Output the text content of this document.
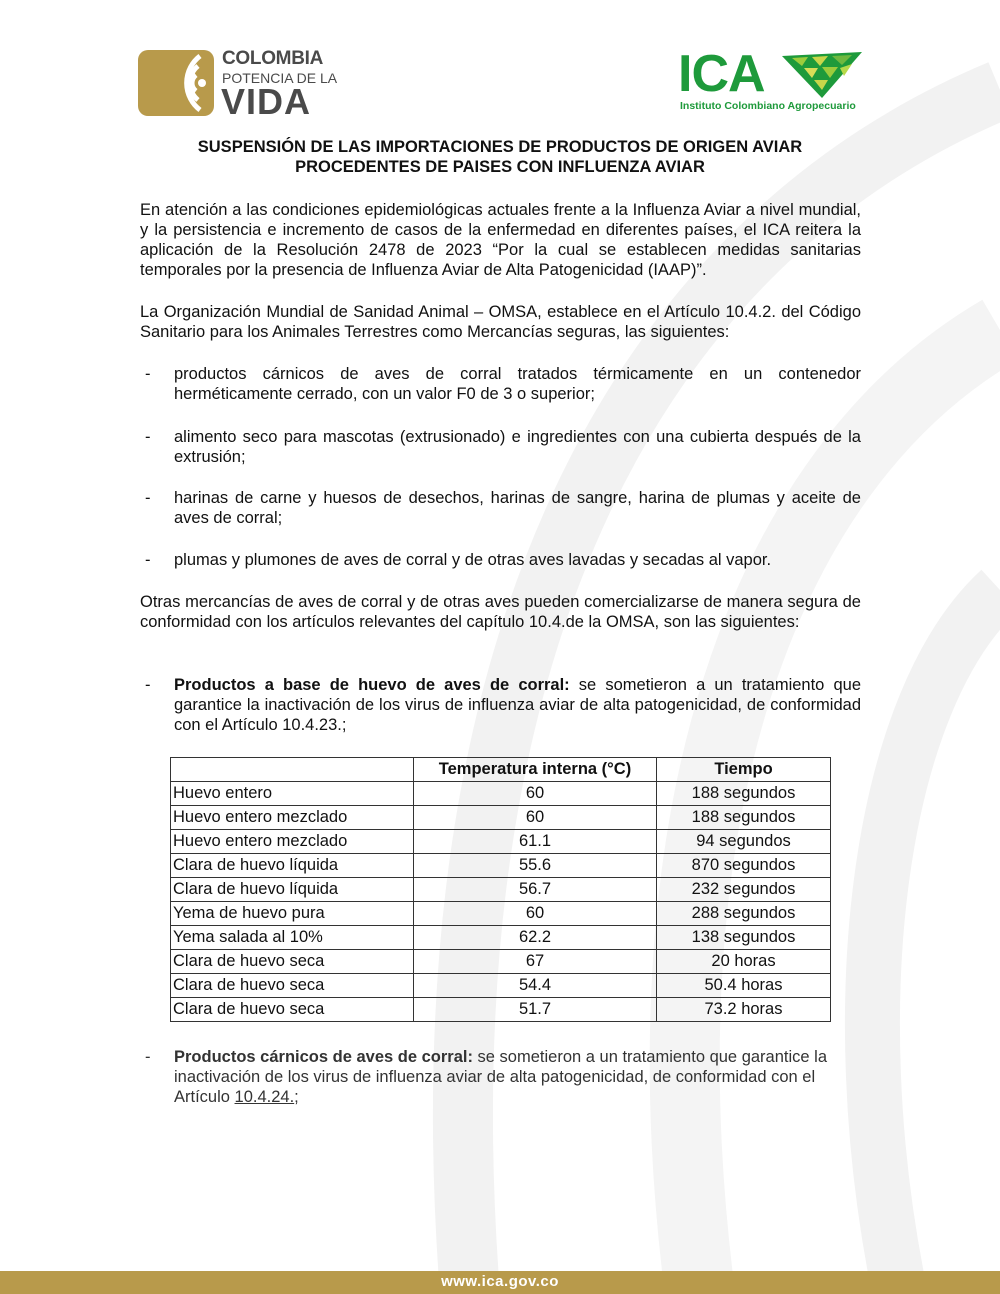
COLOMBIA
POTENCIA DE LA
VIDA	ICA
Instituto Colombiano Agropecuario
SUSPENSIÓN DE LAS IMPORTACIONES DE PRODUCTOS DE ORIGEN AVIAR
PROCEDENTES DE PAISES CON INFLUENZA AVIAR
En atención a las condiciones epidemiológicas actuales frente a la Influenza Aviar a nivel mundial, y la persistencia e incremento de casos de la enfermedad en diferentes países, el ICA reitera la aplicación de la Resolución 2478 de 2023 “Por la cual se establecen medidas sanitarias temporales por la presencia de Influenza Aviar de Alta Patogenicidad (IAAP)”.
La Organización Mundial de Sanidad Animal – OMSA, establece en el Artículo 10.4.2. del Código Sanitario para los Animales Terrestres como Mercancías seguras, las siguientes:
- productos cárnicos de aves de corral tratados térmicamente en un contenedor herméticamente cerrado, con un valor F0 de 3 o superior;
- alimento seco para mascotas (extrusionado) e ingredientes con una cubierta después de la extrusión;
- harinas de carne y huesos de desechos, harinas de sangre, harina de plumas y aceite de aves de corral;
- plumas y plumones de aves de corral y de otras aves lavadas y secadas al vapor.
Otras mercancías de aves de corral y de otras aves pueden comercializarse de manera segura de conformidad con los artículos relevantes del capítulo 10.4.de la OMSA, son las siguientes:
- Productos a base de huevo de aves de corral: se sometieron a un tratamiento que garantice la inactivación de los virus de influenza aviar de alta patogenicidad, de conformidad con el Artículo 10.4.23.;
	Temperatura interna (°C)	Tiempo
Huevo entero	60	188 segundos
Huevo entero mezclado	60	188 segundos
Huevo entero mezclado	61.1	94 segundos
Clara de huevo líquida	55.6	870 segundos
Clara de huevo líquida	56.7	232 segundos
Yema de huevo pura	60	288 segundos
Yema salada al 10%	62.2	138 segundos
Clara de huevo seca	67	20 horas
Clara de huevo seca	54.4	50.4 horas
Clara de huevo seca	51.7	73.2 horas
- Productos cárnicos de aves de corral: se sometieron a un tratamiento que garantice la inactivación de los virus de influenza aviar de alta patogenicidad, de conformidad con el Artículo 10.4.24.;
www.ica.gov.co
